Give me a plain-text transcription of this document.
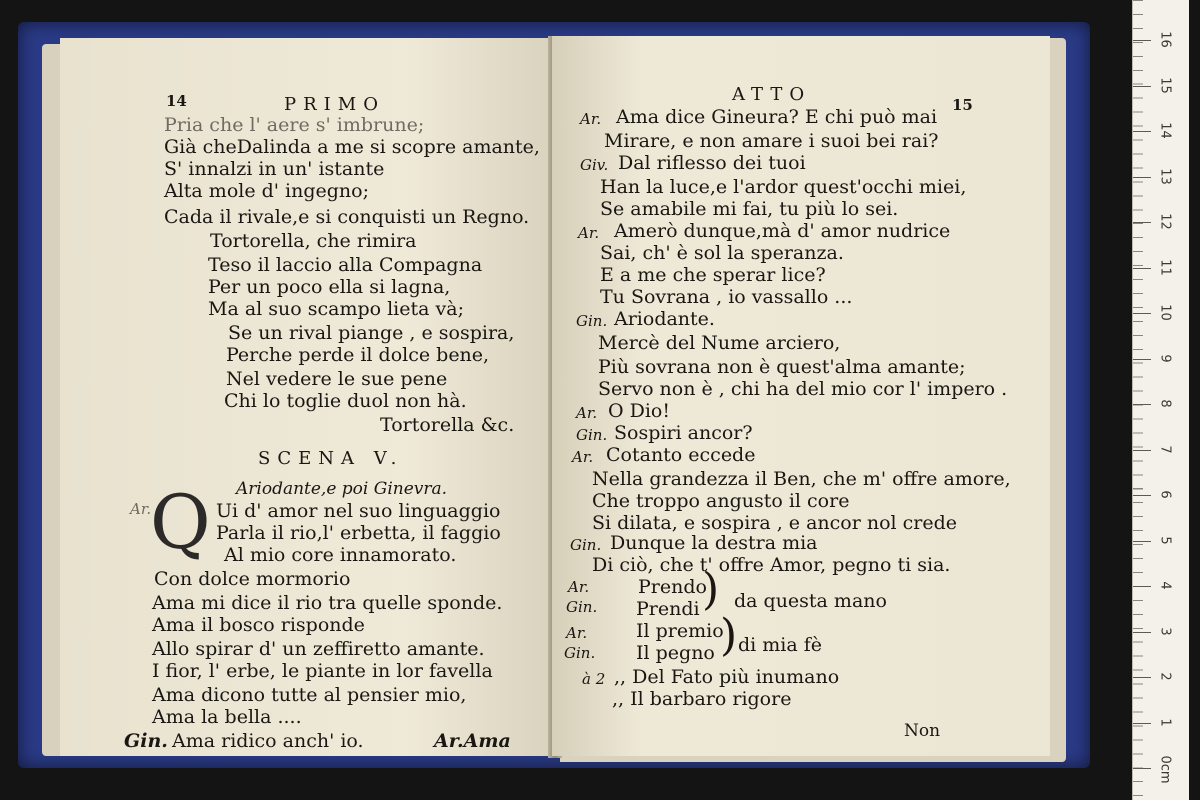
14	PRIMO
Pria che l' aere s' imbrune;
Già cheDalinda a me si scopre amante,
S' innalzi in un' istante
Alta mole d' ingegno;
Cada il rivale,e si conquisti un Regno.
Tortorella, che rimira
Teso il laccio alla Compagna
Per un poco ella si lagna,
Ma al suo scampo lieta và;
Se un rival piange , e sospira,
Perche perde il dolce bene,
Nel vedere le sue pene
Chi lo toglie duol non hà.
Tortorella &c.
SCENA V.
Ariodante,e poi Ginevra.
Ar.
Q Ui d' amor nel suo linguaggio
Parla il rio,l' erbetta, il faggio
Al mio core innamorato.
Con dolce mormorio
Ama mi dice il rio tra quelle sponde.
Ama il bosco risponde
Allo spirar d' un zeffiretto amante.
I fior, l' erbe, le piante in lor favella
Ama dicono tutte al pensier mio,
Ama la bella ....
Gin. Ama ridico anch' io.	Ar.Ama
ATTO	15
Ar. Ama dice Gineura? E chi può mai
Mirare, e non amare i suoi bei rai?
Giv. Dal riflesso dei tuoi
Han la luce,e l'ardor quest'occhi miei,
Se amabile mi fai, tu più lo sei.
Ar. Amerò dunque,mà d' amor nudrice
Sai, ch' è sol la speranza.
E a me che sperar lice?
Tu Sovrana , io vassallo ...
Gin. Ariodante.
Mercè del Nume arciero,
Più sovrana non è quest'alma amante;
Servo non è , chi ha del mio cor l' impero .
Ar. O Dio!
Gin. Sospiri ancor?
Ar. Cotanto eccede
Nella grandezza il Ben, che m' offre amore,
Che troppo angusto il core
Si dilata, e sospira , e ancor nol crede
Gin. Dunque la destra mia
Di ciò, che t' offre Amor, pegno ti sia.
Ar.
Gin.
Prendo
Prendi ) da questa mano
Ar.
Gin.
Il premio
Il pegno ) di mia fè
à 2 ,, Del Fato più inumano
,, Il barbaro rigore
Non
0cm
1
2
3
4
5
6
7
8
9
10
11
12
13
14
15
16
